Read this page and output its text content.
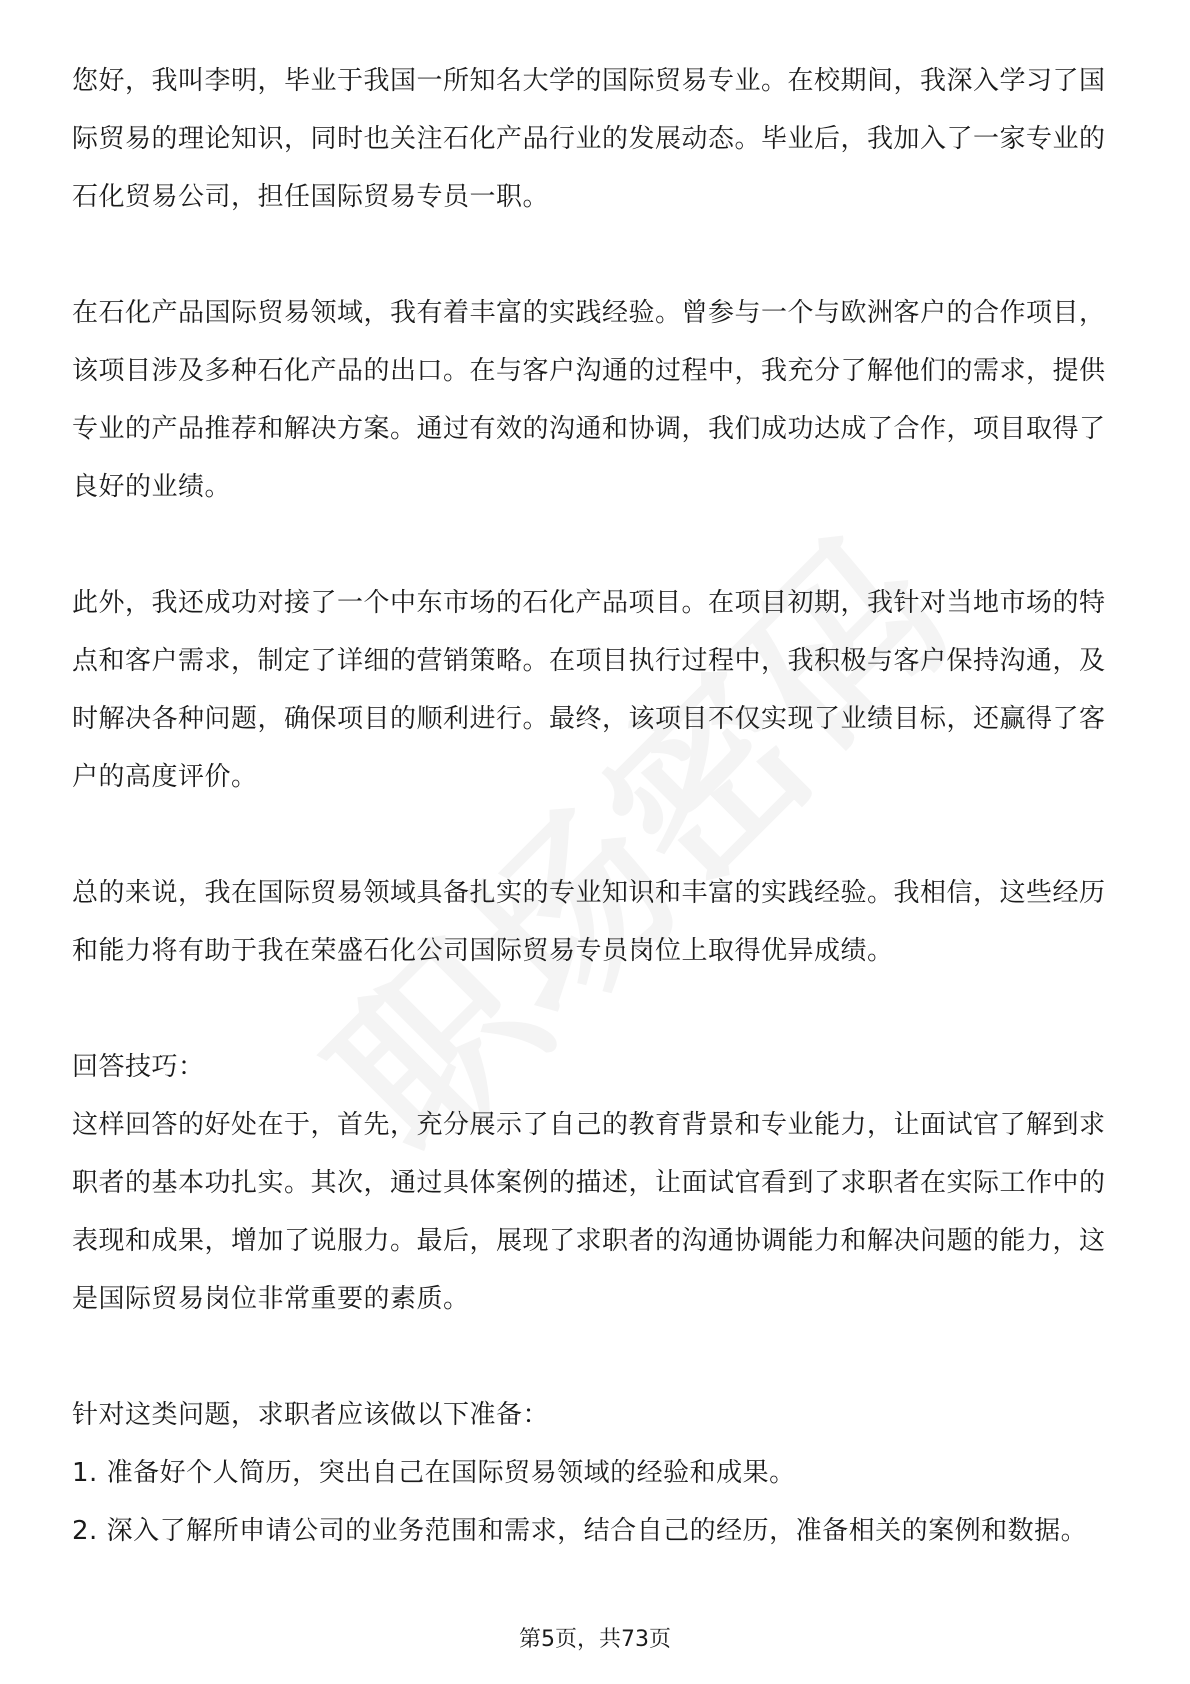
您好，我叫李明，毕业于我国一所知名大学的国际贸易专业。在校期间，我深入学习了国际贸易的理论知识，同时也关注石化产品行业的发展动态。毕业后，我加入了一家专业的石化贸易公司，担任国际贸易专员一职。

在石化产品国际贸易领域，我有着丰富的实践经验。曾参与一个与欧洲客户的合作项目，该项目涉及多种石化产品的出口。在与客户沟通的过程中，我充分了解他们的需求，提供专业的产品推荐和解决方案。通过有效的沟通和协调，我们成功达成了合作，项目取得了良好的业绩。

此外，我还成功对接了一个中东市场的石化产品项目。在项目初期，我针对当地市场的特点和客户需求，制定了详细的营销策略。在项目执行过程中，我积极与客户保持沟通，及时解决各种问题，确保项目的顺利进行。最终，该项目不仅实现了业绩目标，还赢得了客户的高度评价。

总的来说，我在国际贸易领域具备扎实的专业知识和丰富的实践经验。我相信，这些经历和能力将有助于我在荣盛石化公司国际贸易专员岗位上取得优异成绩。

回答技巧：

这样回答的好处在于，首先，充分展示了自己的教育背景和专业能力，让面试官了解到求职者的基本功扎实。其次，通过具体案例的描述，让面试官看到了求职者在实际工作中的表现和成果，增加了说服力。最后，展现了求职者的沟通协调能力和解决问题的能力，这是国际贸易岗位非常重要的素质。

针对这类问题，求职者应该做以下准备：

1. 准备好个人简历，突出自己在国际贸易领域的经验和成果。

2. 深入了解所申请公司的业务范围和需求，结合自己的经历，准备相关的案例和数据。

第5页，共73页
